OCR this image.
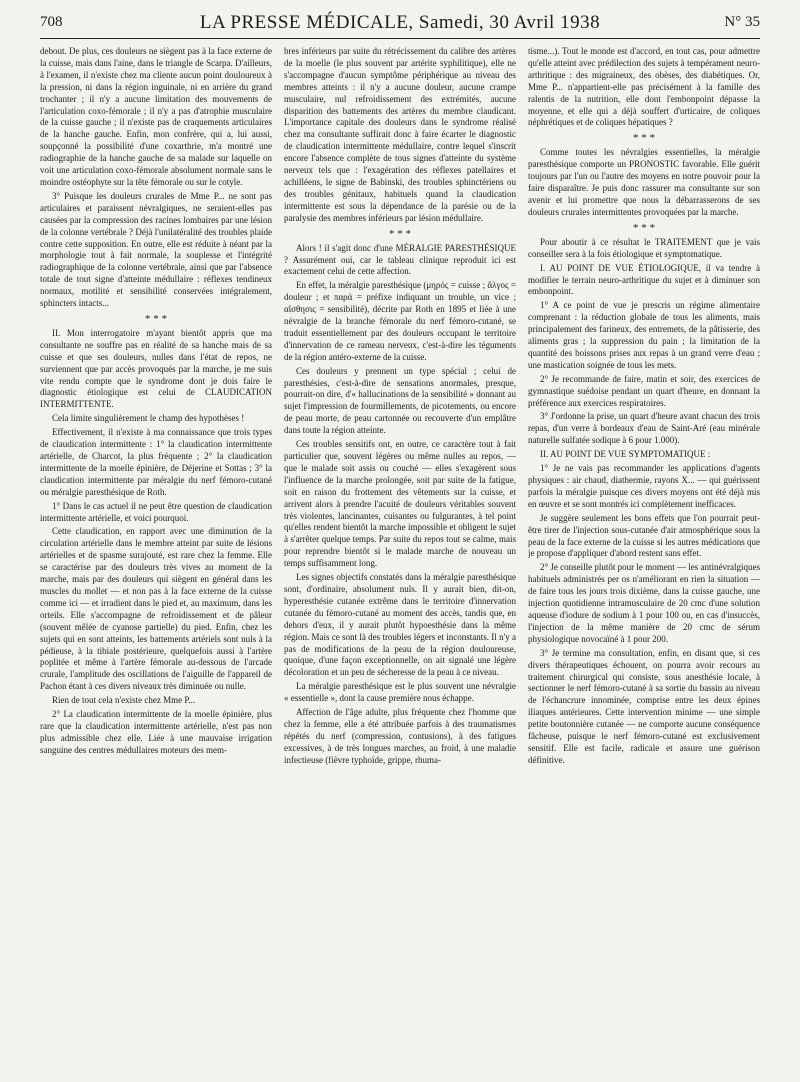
708	LA PRESSE MÉDICALE, Samedi, 30 Avril 1938	N° 35

debout. De plus, ces douleurs ne siègent pas à la face externe de la cuisse, mais dans l'aine, dans le triangle de Scarpa. D'ailleurs, à l'examen, il n'existe chez ma cliente aucun point douloureux à la pression, ni dans la région inguinale, ni en arrière du grand trochanter ; il n'y a aucune limitation des mouvements de l'articulation coxo-fémorale ; il n'y a pas d'atrophie musculaire de la cuisse gauche ; il n'existe pas de craquements articulaires de la hanche gauche. Enfin, mon confrère, qui a, lui aussi, soupçonné la possibilité d'une coxarthrie, m'a montré une radiographie de la hanche gauche de sa malade sur laquelle on voit une articulation coxo-fémorale absolument normale sans le moindre ostéophyte sur la tête fémorale ou sur le cotyle.

3° Puisque les douleurs crurales de Mme P... ne sont pas articulaires et paraissent névralgiques, ne seraient-elles pas causées par la compression des racines lombaires par une lésion de la colonne vertébrale ? Déjà l'unilatéralité des troubles plaide contre cette supposition. En outre, elle est réduite à néant par la morphologie tout à fait normale, la souplesse et l'intégrité radiographique de la colonne vertébrale, ainsi que par l'absence totale de tout signe d'atteinte médullaire : réflexes tendineux normaux, motilité et sensibilité conservées intégralement, sphincters intacts...

* * *

II. Mon interrogatoire m'ayant bientôt appris que ma consultante ne souffre pas en réalité de sa hanche mais de sa cuisse et que ses douleurs, nulles dans l'état de repos, ne surviennent que par accès provoqués par la marche, je me suis vite rendu compte que le syndrome dont je dois faire le diagnostic étiologique est celui de CLAUDICATION INTERMITTENTE.

Cela limite singulièrement le champ des hypothèses !

Effectivement, il n'existe à ma connaissance que trois types de claudication intermittente : 1° la claudication intermittente artérielle, de Charcot, la plus fréquente ; 2° la claudication intermittente de la moelle épinière, de Déjerine et Sottas ; 3° la claudication intermittente par méralgie du nerf fémoro-cutané ou méralgie paresthésique de Roth.

1° Dans le cas actuel il ne peut être question de claudication intermittente artérielle, et voici pourquoi.

Cette claudication, en rapport avec une diminution de la circulation artérielle dans le membre atteint par suite de lésions artérielles et de spasme surajouté, est rare chez la femme. Elle se caractérise par des douleurs très vives au moment de la marche, mais par des douleurs qui siègent en général dans les muscles du mollet — et non pas à la face externe de la cuisse comme ici — et irradient dans le pied et, au maximum, dans les orteils. Elle s'accompagne de refroidissement et de pâleur (souvent mêlée de cyanose partielle) du pied. Enfin, chez les sujets qui en sont atteints, les battements artériels sont nuls à la pédieuse, à la tibiale postérieure, quelquefois aussi à l'artère poplitée et même à l'artère fémorale au-dessous de l'arcade crurale, l'amplitude des oscillations de l'aiguille de l'appareil de Pachon étant à ces divers niveaux très diminuée ou nulle.

Rien de tout cela n'existe chez Mme P...

2° La claudication intermittente de la moelle épinière, plus rare que la claudication intermittente artérielle, n'est pas non plus admissible chez elle. Liée à une mauvaise irrigation sanguine des centres médullaires moteurs des mem-

bres inférieurs par suite du rétrécissement du calibre des artères de la moelle (le plus souvent par artérite syphilitique), elle ne s'accompagne d'aucun symptôme périphérique au niveau des membres atteints : il n'y a aucune douleur, aucune crampe musculaire, nul refroidissement des extrémités, aucune disparition des battements des artères du membre claudicant. L'importance capitale des douleurs dans le syndrome réalisé chez ma consultante suffirait donc à faire écarter le diagnostic de claudication intermittente médullaire, contre lequel s'inscrit encore l'absence complète de tous signes d'atteinte du système nerveux tels que : l'exagération des réflexes patellaires et achilléens, le signe de Babinski, des troubles sphinctériens ou des troubles génitaux, habituels quand la claudication intermittente est sous la dépendance de la parésie ou de la paralysie des membres inférieurs par lésion médullaire.

* * *

Alors ! il s'agit donc d'une MÉRALGIE PARESTHÉSIQUE ? Assurément oui, car le tableau clinique reproduit ici est exactement celui de cette affection.

En effet, la méralgie paresthésique (μηρός = cuisse ; ἄλγος = douleur ; et παρά = préfixe indiquant un trouble, un vice ; αἴσθησις = sensibilité), décrite par Roth en 1895 et liée à une névralgie de la branche fémorale du nerf fémoro-cutané, se traduit essentiellement par des douleurs occupant le territoire d'innervation de ce rameau nerveux, c'est-à-dire les téguments de la région antéro-externe de la cuisse.

Ces douleurs y prennent un type spécial ; celui de paresthésies, c'est-à-dire de sensations anormales, presque, pourrait-on dire, d'« hallucinations de la sensibilité » donnant au sujet l'impression de fourmillements, de picotements, ou encore de peau morte, de peau cartonnée ou recouverte d'un emplâtre dans toute la région atteinte.

Ces troubles sensitifs ont, en outre, ce caractère tout à fait particulier que, souvent légères ou même nulles au repos, — que le malade soit assis ou couché — elles s'exagèrent sous l'influence de la marche prolongée, soit par suite de la fatigue, soit en raison du frottement des vêtements sur la cuisse, et arrivent alors à prendre l'acuité de douleurs véritables souvent très violentes, lancinantes, cuisantes ou fulgurantes, à tel point qu'elles rendent bientôt la marche impossible et obligent le sujet à s'arrêter quelque temps. Par suite du repos tout se calme, mais pour reprendre bientôt si le malade marche de nouveau un temps suffisamment long.

Les signes objectifs constatés dans la méralgie paresthésique sont, d'ordinaire, absolument nuls. Il y aurait bien, dit-on, hyperesthésie cutanée extrême dans le territoire d'innervation cutanée du fémoro-cutané au moment des accès, tandis que, en dehors d'eux, il y aurait plutôt hypoesthésie dans la même région. Mais ce sont là des troubles légers et inconstants. Il n'y a pas de modifications de la peau de la région douloureuse, quoique, d'une façon exceptionnelle, on ait signalé une légère décoloration et un peu de sécheresse de la peau à ce niveau.

La méralgie paresthésique est le plus souvent une névralgie « essentielle », dont la cause première nous échappe.

Affection de l'âge adulte, plus fréquente chez l'homme que chez la femme, elle a été attribuée parfois à des traumatismes répétés du nerf (compression, contusions), à des fatigues excessives, à de très longues marches, au froid, à une maladie infectieuse (fièvre typhoïde, grippe, rhuma-

tisme...). Tout le monde est d'accord, en tout cas, pour admettre qu'elle atteint avec prédilection des sujets à tempérament neuro-arthritique : des migraineux, des obèses, des diabétiques. Or, Mme P... n'appartient-elle pas précisément à la famille des ralentis de la nutrition, elle dont l'embonpoint dépasse la moyenne, et elle qui a déjà souffert d'urticaire, de coliques néphrétiques et de coliques hépatiques ?

* * *

Comme toutes les névralgies essentielles, la méralgie paresthésique comporte un PRONOSTIC favorable. Elle guérit toujours par l'un ou l'autre des moyens en notre pouvoir pour la faire disparaître. Je puis donc rassurer ma consultante sur son avenir et lui promettre que nous la débarrasserons de ses douleurs crurales intermittentes provoquées par la marche.

* * *

Pour aboutir à ce résultat le TRAITEMENT que je vais conseiller sera à la fois étiologique et symptomatique.

I. AU POINT DE VUE ÉTIOLOGIQUE, il va tendre à modifier le terrain neuro-arthritique du sujet et à diminuer son embonpoint.

1° A ce point de vue je prescris un régime alimentaire comprenant : la réduction globale de tous les aliments, mais principalement des farineux, des entremets, de la pâtisserie, des aliments gras ; la suppression du pain ; la limitation de la quantité des boissons prises aux repas à un grand verre d'eau ; une mastication soignée de tous les mets.

2° Je recommande de faire, matin et soir, des exercices de gymnastique suédoise pendant un quart d'heure, en donnant la préférence aux exercices respiratoires.

3° J'ordonne la prise, un quart d'heure avant chacun des trois repas, d'un verre à bordeaux d'eau de Saint-Aré (eau minérale naturelle sulfatée sodique à 6 pour 1.000).

II. AU POINT DE VUE SYMPTOMATIQUE :

1° Je ne vais pas recommander les applications d'agents physiques : air chaud, diathermie, rayons X... — qui guérissent parfois la méralgie puisque ces divers moyens ont été déjà mis en œuvre et se sont montrés ici complètement inefficaces.

Je suggère seulement les bons effets que l'on pourrait peut-être tirer de l'injection sous-cutanée d'air atmosphérique sous la peau de la face externe de la cuisse si les autres médications que je propose d'appliquer d'abord restent sans effet.

2° Je conseille plutôt pour le moment — les antinévralgiques habituels administrés per os n'améliorant en rien la situation — de faire tous les jours trois dixième, dans la cuisse gauche, une injection quotidienne intramusculaire de 20 cmc d'une solution aqueuse d'iodure de sodium à 1 pour 100 ou, en cas d'insuccès, l'injection de la même manière de 20 cmc de sérum physiologique novocaïné à 1 pour 200.

3° Je termine ma consultation, enfin, en disant que, si ces divers thérapeutiques échouent, on pourra avoir recours au traitement chirurgical qui consiste, sous anesthésie locale, à sectionner le nerf fémoro-cutané à sa sortie du bassin au niveau de l'échancrure innominée, comprise entre les deux épines iliaques antérieures. Cette intervention minime — une simple petite boutonnière cutanée — ne comporte aucune conséquence fâcheuse, puisque le nerf fémoro-cutané est exclusivement sensitif. Elle est facile, radicale et assure une guérison définitive.
